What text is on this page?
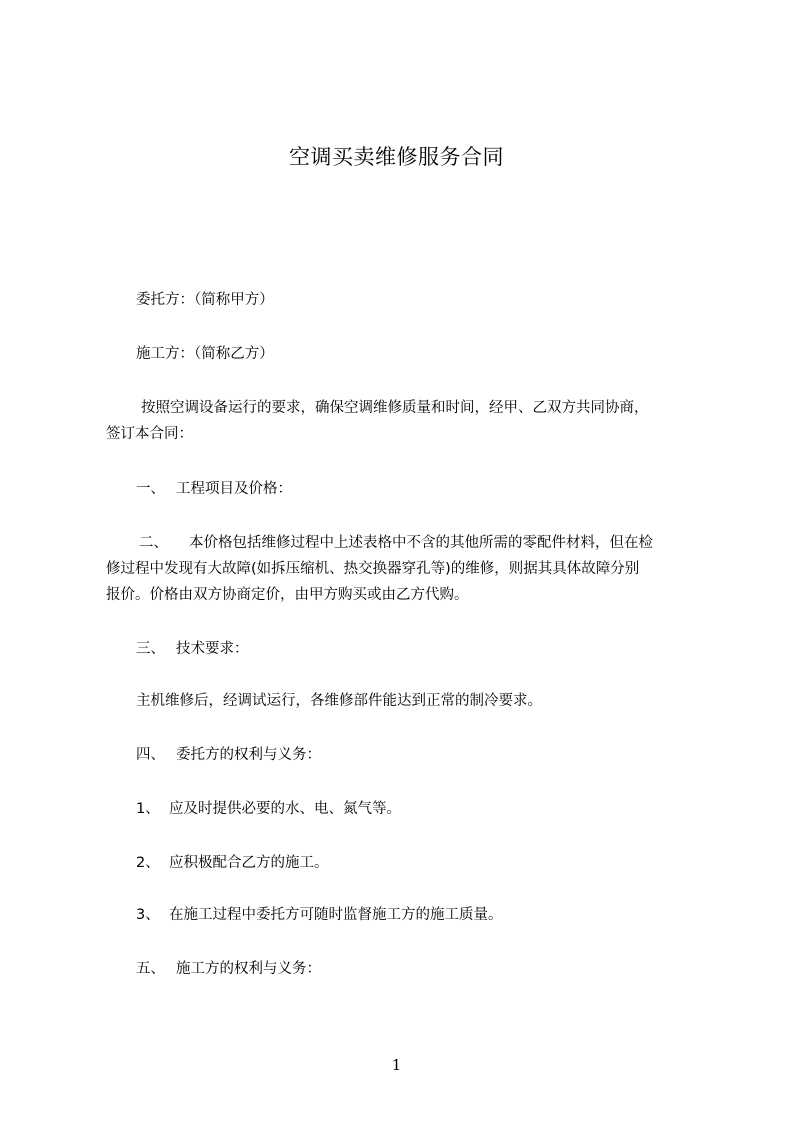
空调买卖维修服务合同
委托方：（简称甲方）
施工方：（简称乙方）
按照空调设备运行的要求，确保空调维修质量和时间，经甲、乙双方共同协商，
签订本合同：
一、 工程项目及价格：
二、 本价格包括维修过程中上述表格中不含的其他所需的零配件材料，但在检
修过程中发现有大故障(如拆压缩机、热交换器穿孔等)的维修，则据其具体故障分别
报价。价格由双方协商定价，由甲方购买或由乙方代购。
三、 技术要求：
主机维修后，经调试运行，各维修部件能达到正常的制冷要求。
四、 委托方的权利与义务：
1、 应及时提供必要的水、电、氮气等。
2、 应积极配合乙方的施工。
3、 在施工过程中委托方可随时监督施工方的施工质量。
五、 施工方的权利与义务：
1
